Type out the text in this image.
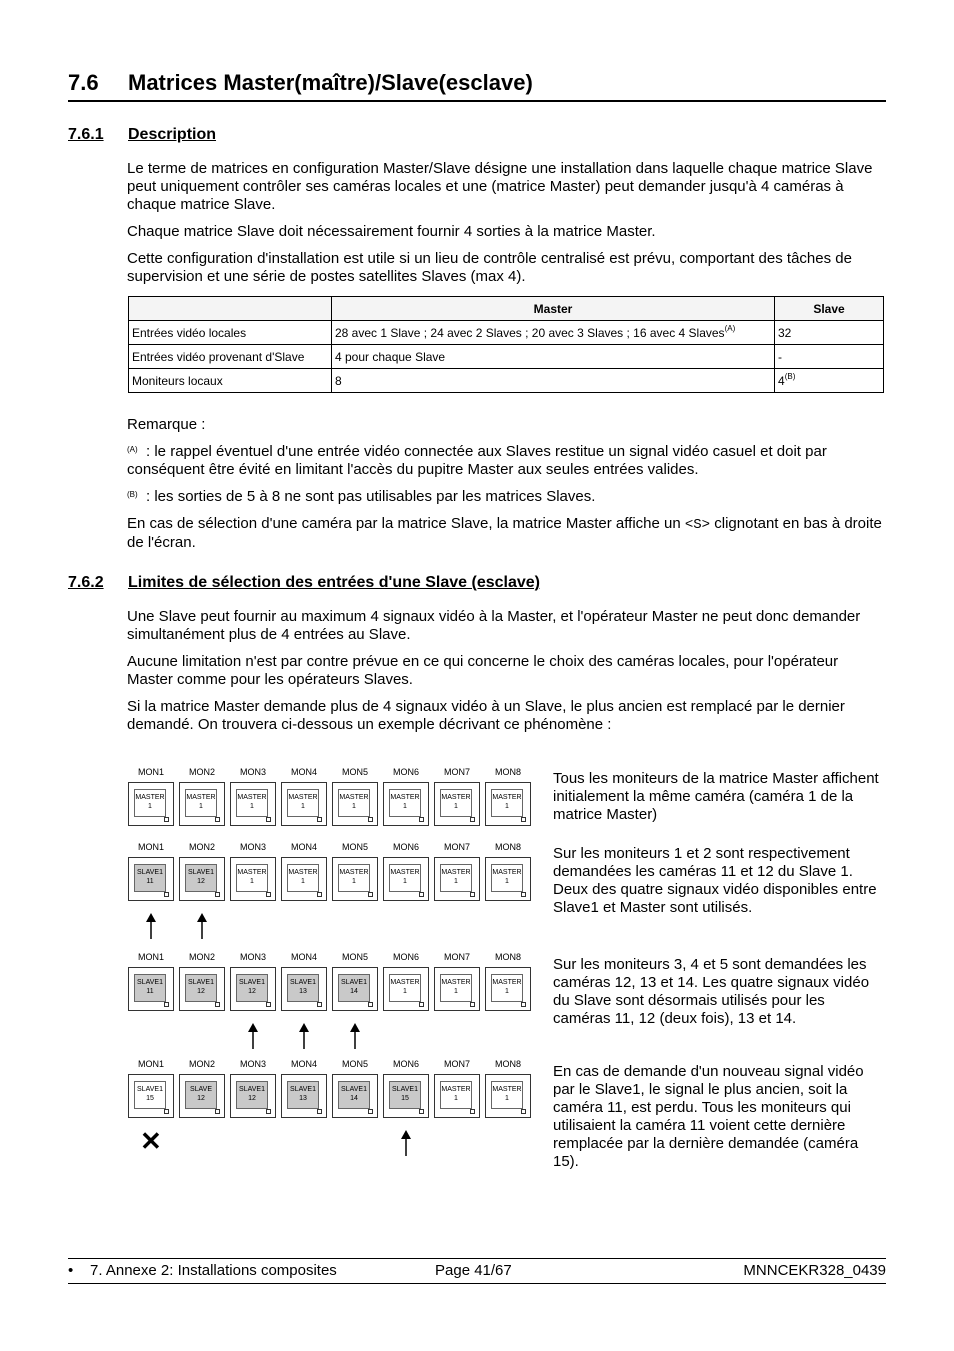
7.6 Matrices Master(maître)/Slave(esclave)
7.6.1 Description
Le terme de matrices en configuration Master/Slave désigne une installation dans laquelle chaque matrice Slave peut uniquement contrôler ses caméras locales et une (matrice Master) peut demander jusqu'à 4 caméras à chaque matrice Slave.
Chaque matrice Slave doit nécessairement fournir 4 sorties à la matrice Master.
Cette configuration d'installation est utile si un lieu de contrôle centralisé est prévu, comportant des tâches de supervision et une série de postes satellites Slaves (max 4).
	Master	Slave
Entrées vidéo locales	28 avec 1 Slave ; 24 avec 2 Slaves ; 20 avec 3 Slaves ; 16 avec 4 Slaves$^{(A)}$	32
Entrées vidéo provenant d'Slave	4 pour chaque Slave	-
Moniteurs locaux	8	$4^{(B)}$
Remarque :
$^{(A)}$ : le rappel éventuel d'une entrée vidéo connectée aux Slaves restitue un signal vidéo casuel et doit par conséquent être évité en limitant l'accès du pupitre Master aux seules entrées valides.
$^{(B)}$ : les sorties de 5 à 8 ne sont pas utilisables par les matrices Slaves.
En cas de sélection d'une caméra par la matrice Slave, la matrice Master affiche un <S> clignotant en bas à droite de l'écran.
7.6.2 Limites de sélection des entrées d'une Slave (esclave)
Une Slave peut fournir au maximum 4 signaux vidéo à la Master, et l'opérateur Master ne peut donc demander simultanément plus de 4 entrées au Slave.
Aucune limitation n'est par contre prévue en ce qui concerne le choix des caméras locales, pour l'opérateur Master comme pour les opérateurs Slaves.
Si la matrice Master demande plus de 4 signaux vidéo à un Slave, le plus ancien est remplacé par le dernier demandé. On trouvera ci-dessous un exemple décrivant ce phénomène :
MON1
MASTER
1
MON2
MASTER
1
MON3
MASTER
1
MON4
MASTER
1
MON5
MASTER
1
MON6
MASTER
1
MON7
MASTER
1
MON8
MASTER
1
Tous les moniteurs de la matrice Master affichent initialement la même caméra (caméra 1 de la matrice Master)
MON1
SLAVE1
11
MON2
SLAVE1
12
MON3
MASTER
1
MON4
MASTER
1
MON5
MASTER
1
MON6
MASTER
1
MON7
MASTER
1
MON8
MASTER
1
Sur les moniteurs 1 et 2 sont respectivement demandées les caméras 11 et 12 du Slave 1. Deux des quatre signaux vidéo disponibles entre Slave1 et Master sont utilisés.
MON1
SLAVE1
11
MON2
SLAVE1
12
MON3
SLAVE1
12
MON4
SLAVE1
13
MON5
SLAVE1
14
MON6
MASTER
1
MON7
MASTER
1
MON8
MASTER
1
Sur les moniteurs 3, 4 et 5 sont demandées les caméras 12, 13 et 14. Les quatre signaux vidéo du Slave sont désormais utilisés pour les caméras 11, 12 (deux fois), 13 et 14.
MON1
SLAVE1
15
MON2
SLAVE
12
MON3
SLAVE1
12
MON4
SLAVE1
13
MON5
SLAVE1
14
MON6
SLAVE1
15
MON7
MASTER
1
MON8
MASTER
1
✕
En cas de demande d'un nouveau signal vidéo par le Slave1, le signal le plus ancien, soit la caméra 11, est perdu. Tous les moniteurs qui utilisaient la caméra 11 voient cette dernière remplacée par la dernière demandée (caméra 15).
• 7. Annexe 2: Installations composites	Page 41/67	MNNCEKR328_0439
